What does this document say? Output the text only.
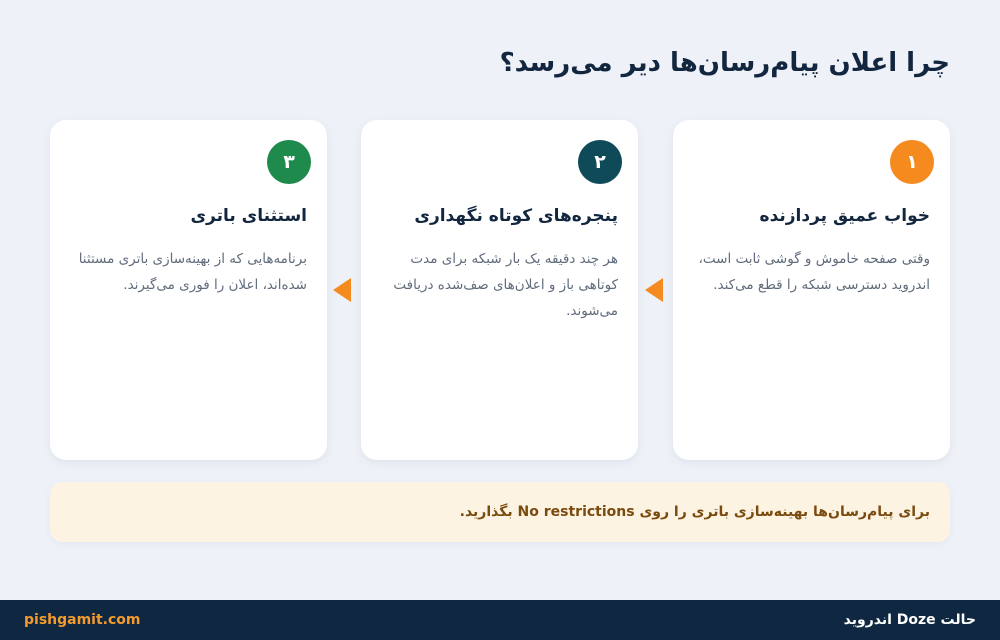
چرا اعلان پیام‌رسان‌ها دیر می‌رسد؟
۱
خواب عمیق پردازنده
وقتی صفحه خاموش و گوشی ثابت است، اندروید دسترسی شبکه را قطع می‌کند.
۲
پنجره‌های کوتاه نگهداری
هر چند دقیقه یک بار شبکه برای مدت کوتاهی باز و اعلان‌های صف‌شده دریافت می‌شوند.
۳
استثنای باتری
برنامه‌هایی که از بهینه‌سازی باتری مستثنا شده‌اند، اعلان را فوری می‌گیرند.
برای پیام‌رسان‌ها بهینه‌سازی باتری را روی No restrictions بگذارید.
حالت Doze اندروید
pishgamit.com
